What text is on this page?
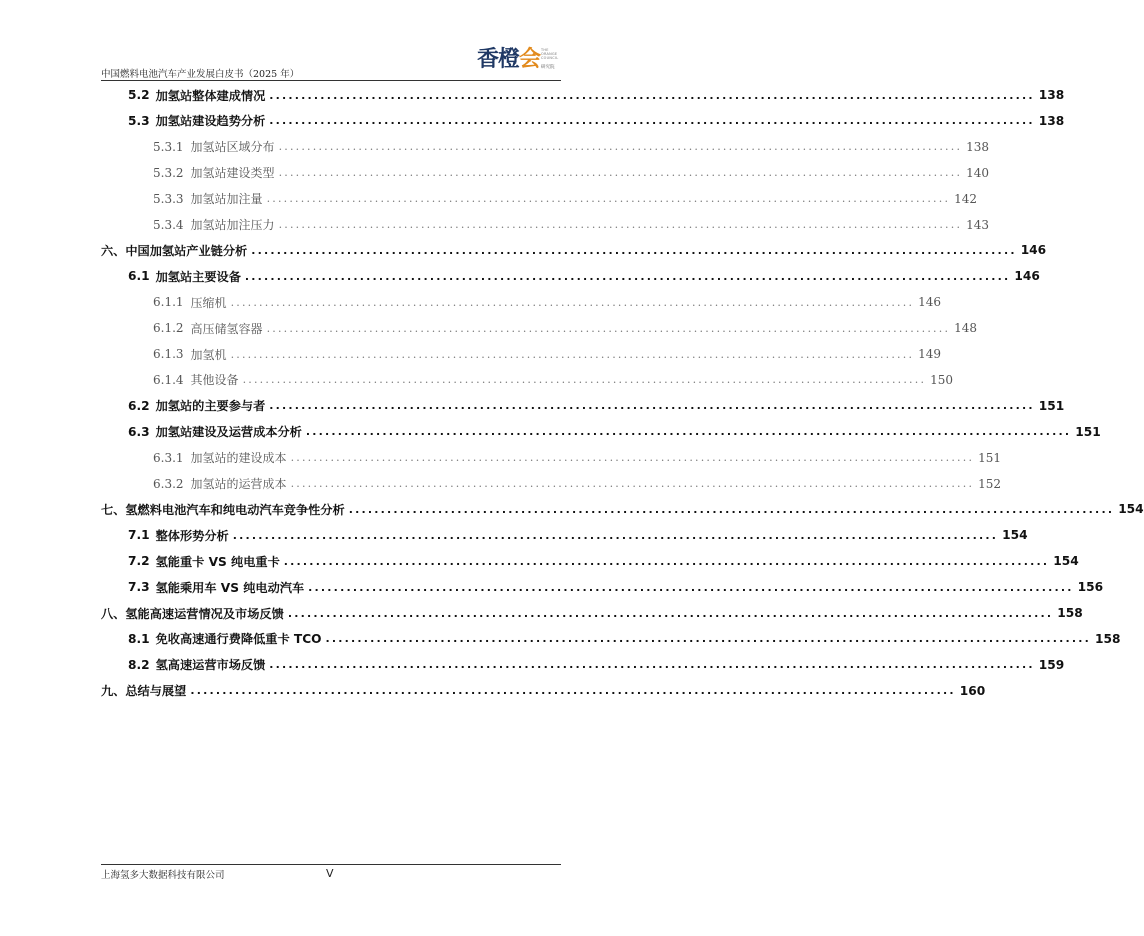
中国燃料电池汽车产业发展白皮书（2025 年）
香橙会 THE
ORANGE
COUNCIL
研究院
5.2 加氢站整体建成情况 ........................................................................................................................ 138
5.3 加氢站建设趋势分析 ........................................................................................................................ 138
5.3.1 加氢站区域分布 ........................................................................................................................ 138
5.3.2 加氢站建设类型 ........................................................................................................................ 140
5.3.3 加氢站加注量 ........................................................................................................................ 142
5.3.4 加氢站加注压力 ........................................................................................................................ 143
六、 中国加氢站产业链分析 ........................................................................................................................ 146
6.1 加氢站主要设备 ........................................................................................................................ 146
6.1.1 压缩机 ........................................................................................................................ 146
6.1.2 高压储氢容器 ........................................................................................................................ 148
6.1.3 加氢机 ........................................................................................................................ 149
6.1.4 其他设备 ........................................................................................................................ 150
6.2 加氢站的主要参与者 ........................................................................................................................ 151
6.3 加氢站建设及运营成本分析 ........................................................................................................................ 151
6.3.1 加氢站的建设成本 ........................................................................................................................ 151
6.3.2 加氢站的运营成本 ........................................................................................................................ 152
七、 氢燃料电池汽车和纯电动汽车竞争性分析 ........................................................................................................................ 154
7.1 整体形势分析 ........................................................................................................................ 154
7.2 氢能重卡 VS 纯电重卡 ........................................................................................................................ 154
7.3 氢能乘用车 VS 纯电动汽车 ........................................................................................................................ 156
八、 氢能高速运营情况及市场反馈 ........................................................................................................................ 158
8.1 免收高速通行费降低重卡 TCO ........................................................................................................................ 158
8.2 氢高速运营市场反馈 ........................................................................................................................ 159
九、 总结与展望 ........................................................................................................................ 160
上海氢多大数据科技有限公司	V
